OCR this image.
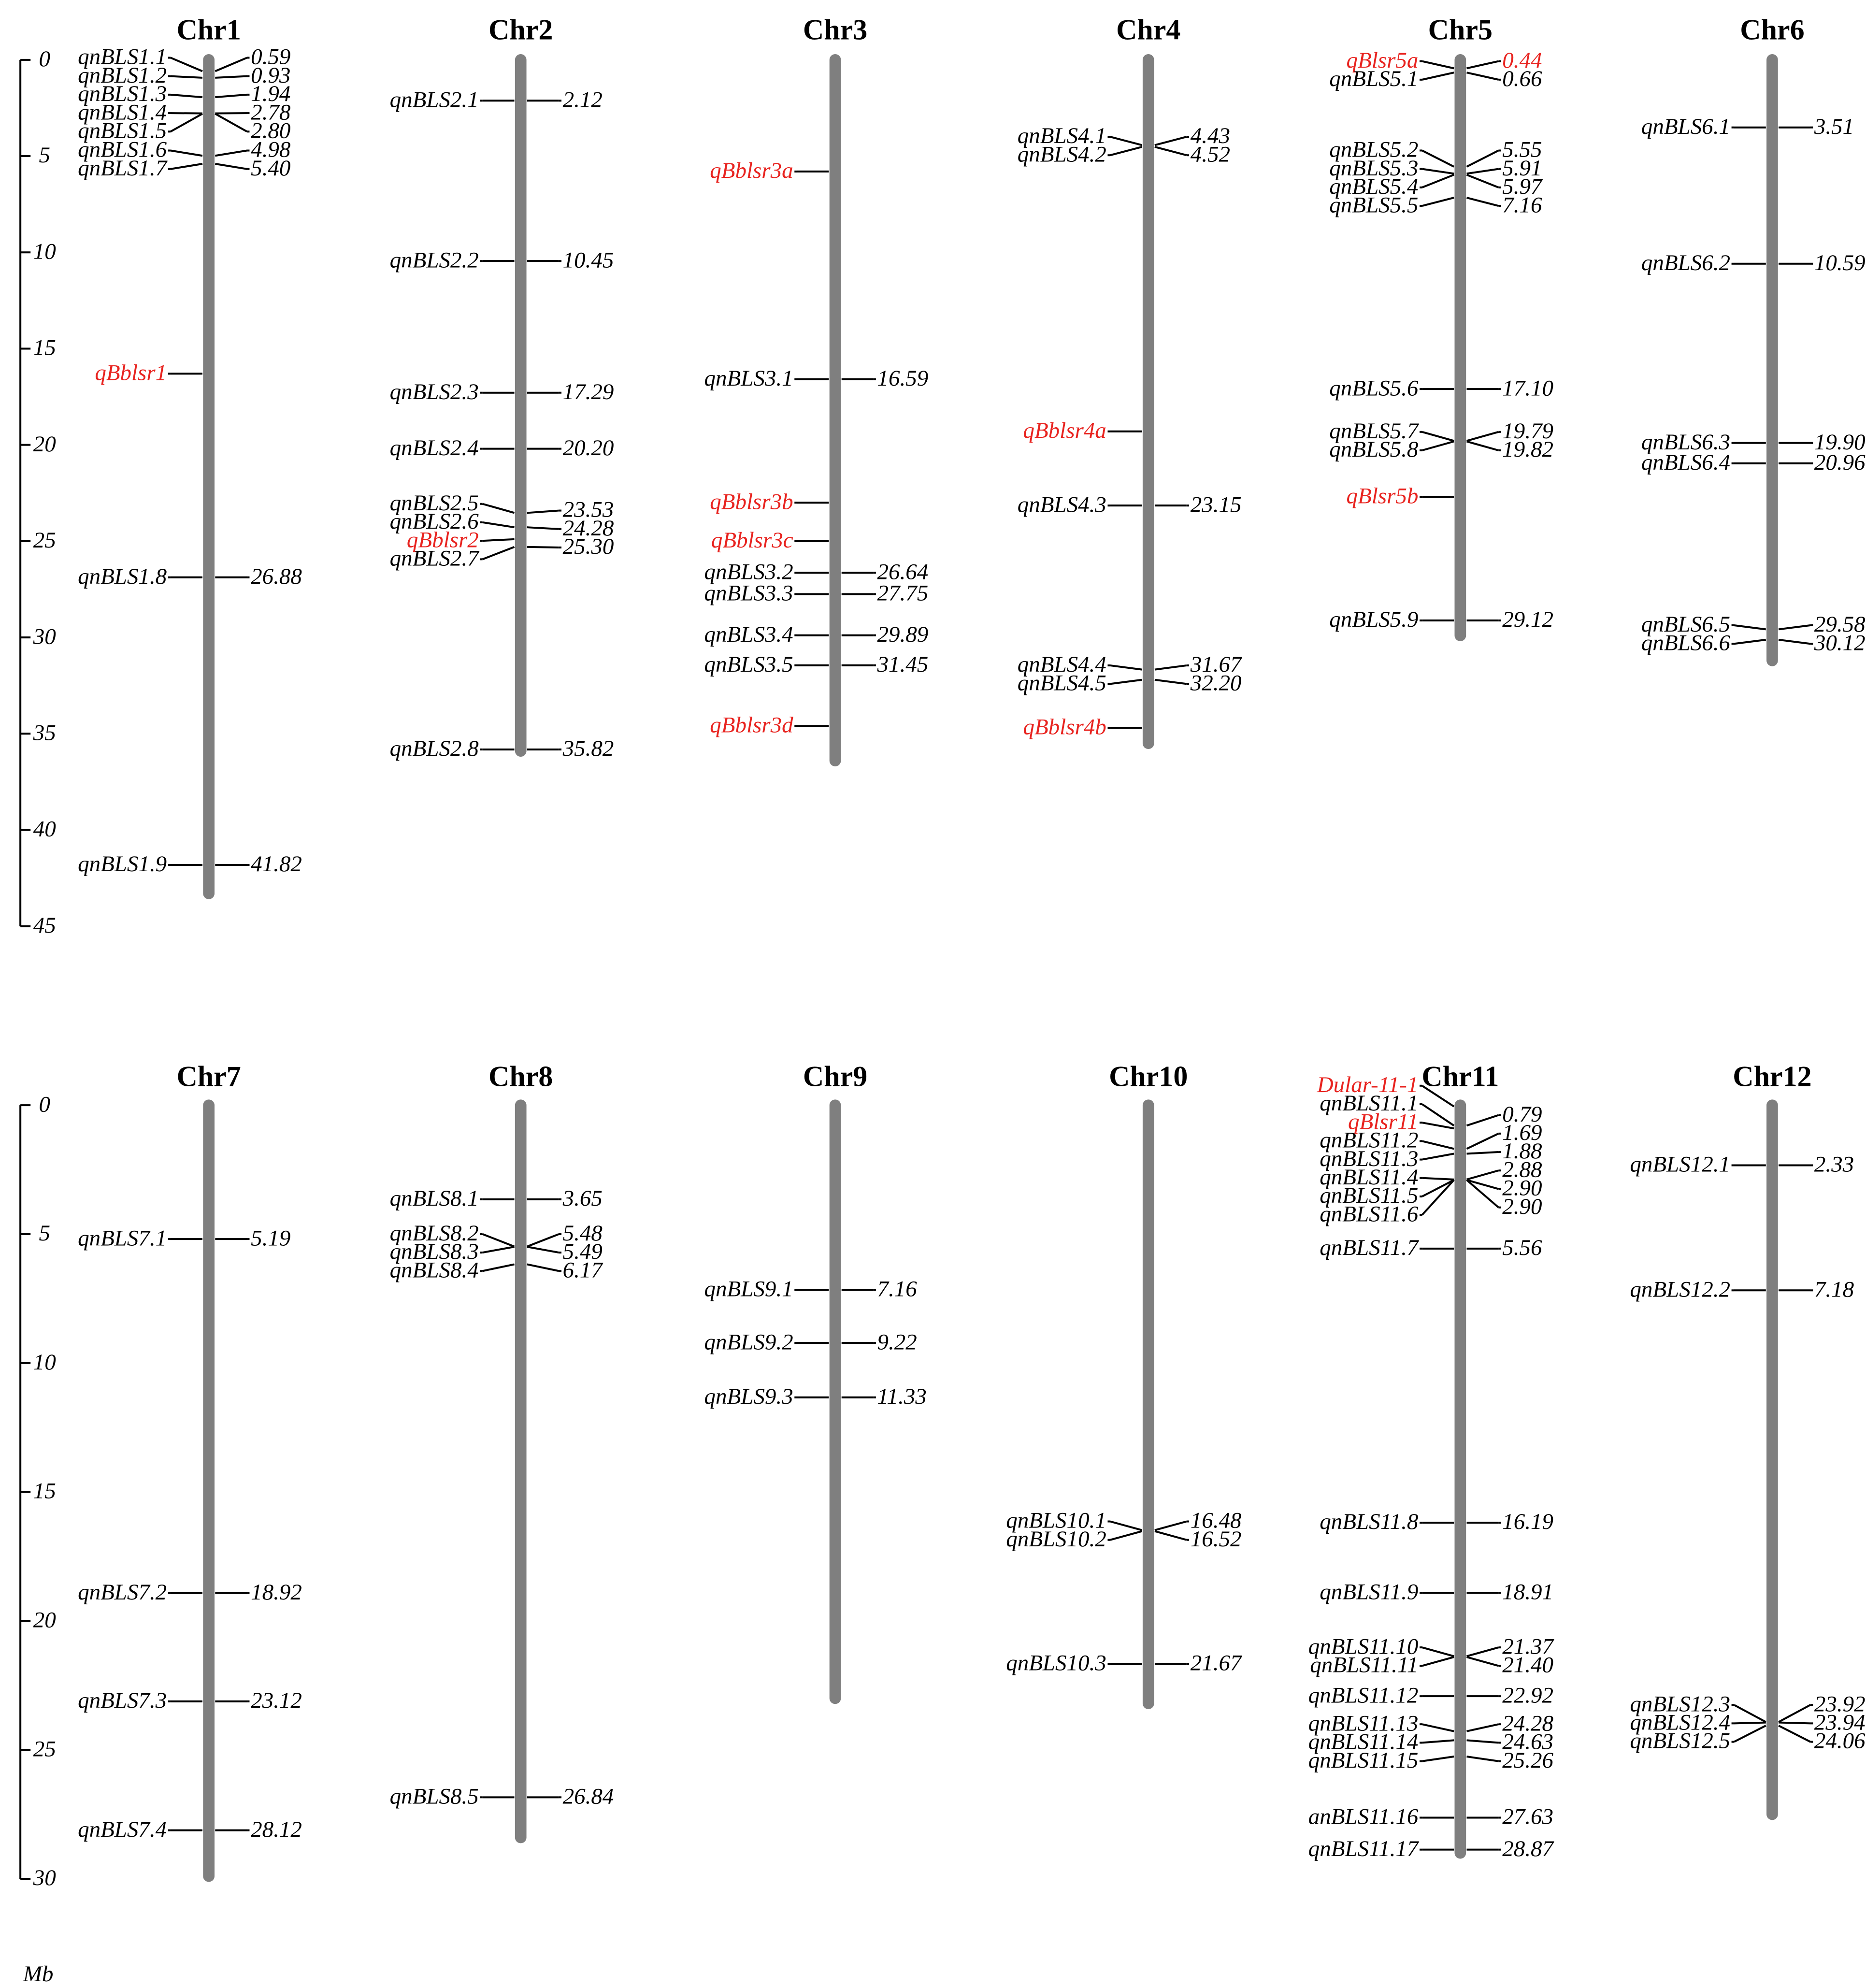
0
5
10
15
20
25
30
35
40
45
Chr1
qnBLS1.1
qnBLS1.2
qnBLS1.3
qnBLS1.4
qnBLS1.5
qnBLS1.6
qnBLS1.7
qBblsr1
qnBLS1.8
qnBLS1.9
0.59
0.93
1.94
2.78
2.80
4.98
5.40
26.88
41.82
Chr2
qnBLS2.1
qnBLS2.2
qnBLS2.3
qnBLS2.4
qnBLS2.5
qnBLS2.6
qBblsr2
qnBLS2.7
qnBLS2.8
2.12
10.45
17.29
20.20
23.53
24.28
25.30
35.82
Chr3
qBblsr3a
qnBLS3.1
qBblsr3b
qBblsr3c
qnBLS3.2
qnBLS3.3
qnBLS3.4
qnBLS3.5
qBblsr3d
16.59
26.64
27.75
29.89
31.45
Chr4
qnBLS4.1
qnBLS4.2
qBblsr4a
qnBLS4.3
qnBLS4.4
qnBLS4.5
qBblsr4b
4.43
4.52
23.15
31.67
32.20
Chr5
qBlsr5a
qnBLS5.1
qnBLS5.2
qnBLS5.3
qnBLS5.4
qnBLS5.5
qnBLS5.6
qnBLS5.7
qnBLS5.8
qBlsr5b
qnBLS5.9
0.44
0.66
5.55
5.91
5.97
7.16
17.10
19.79
19.82
29.12
Chr6
qnBLS6.1
qnBLS6.2
qnBLS6.3
qnBLS6.4
qnBLS6.5
qnBLS6.6
3.51
10.59
19.90
20.96
29.58
30.12
0
5
10
15
20
25
30
Chr7
qnBLS7.1
qnBLS7.2
qnBLS7.3
qnBLS7.4
5.19
18.92
23.12
28.12
Chr8
qnBLS8.1
qnBLS8.2
qnBLS8.3
qnBLS8.4
qnBLS8.5
3.65
5.48
5.49
6.17
26.84
Chr9
qnBLS9.1
qnBLS9.2
qnBLS9.3
7.16
9.22
11.33
Chr10
qnBLS10.1
qnBLS10.2
qnBLS10.3
16.48
16.52
21.67
Chr11
Dular-11-1
qnBLS11.1
qBlsr11
qnBLS11.2
qnBLS11.3
qnBLS11.4
qnBLS11.5
qnBLS11.6
qnBLS11.7
qnBLS11.8
qnBLS11.9
qnBLS11.10
qnBLS11.11
qnBLS11.12
qnBLS11.13
qnBLS11.14
qnBLS11.15
anBLS11.16
qnBLS11.17
0.79
1.69
1.88
2.88
2.90
2.90
5.56
16.19
18.91
21.37
21.40
22.92
24.28
24.63
25.26
27.63
28.87
Chr12
qnBLS12.1
qnBLS12.2
qnBLS12.3
qnBLS12.4
qnBLS12.5
2.33
7.18
23.92
23.94
24.06
Mb
